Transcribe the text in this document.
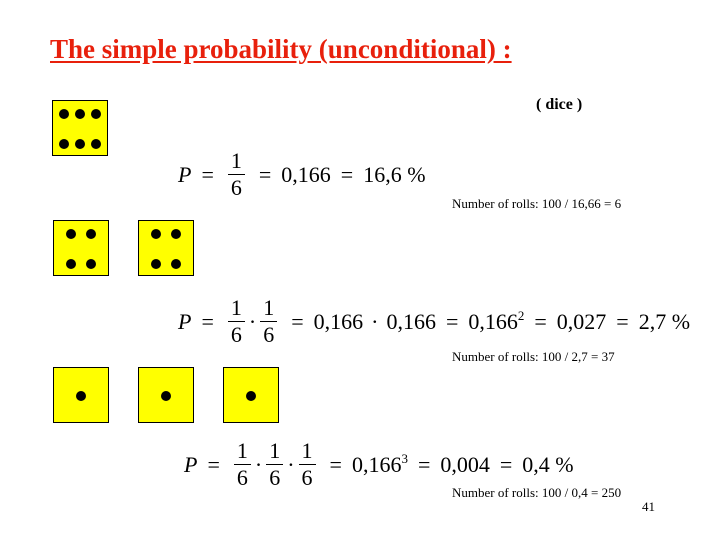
The simple probability (unconditional) :
( dice )
$P = \frac{1}{6} = 0,166 = 16,6$ %
Number of rolls: 100 / 16,66 = 6
$P = \frac{1}{6} \cdot \frac{1}{6} = 0,166 \cdot 0,166 = 0,166^2 = 0,027 = 2,7$ %
Number of rolls: 100 / 2,7 = 37
$P = \frac{1}{6} \cdot \frac{1}{6} \cdot \frac{1}{6} = 0,166^3 = 0,004 = 0,4$ %
Number of rolls: 100 / 0,4 = 250
41
